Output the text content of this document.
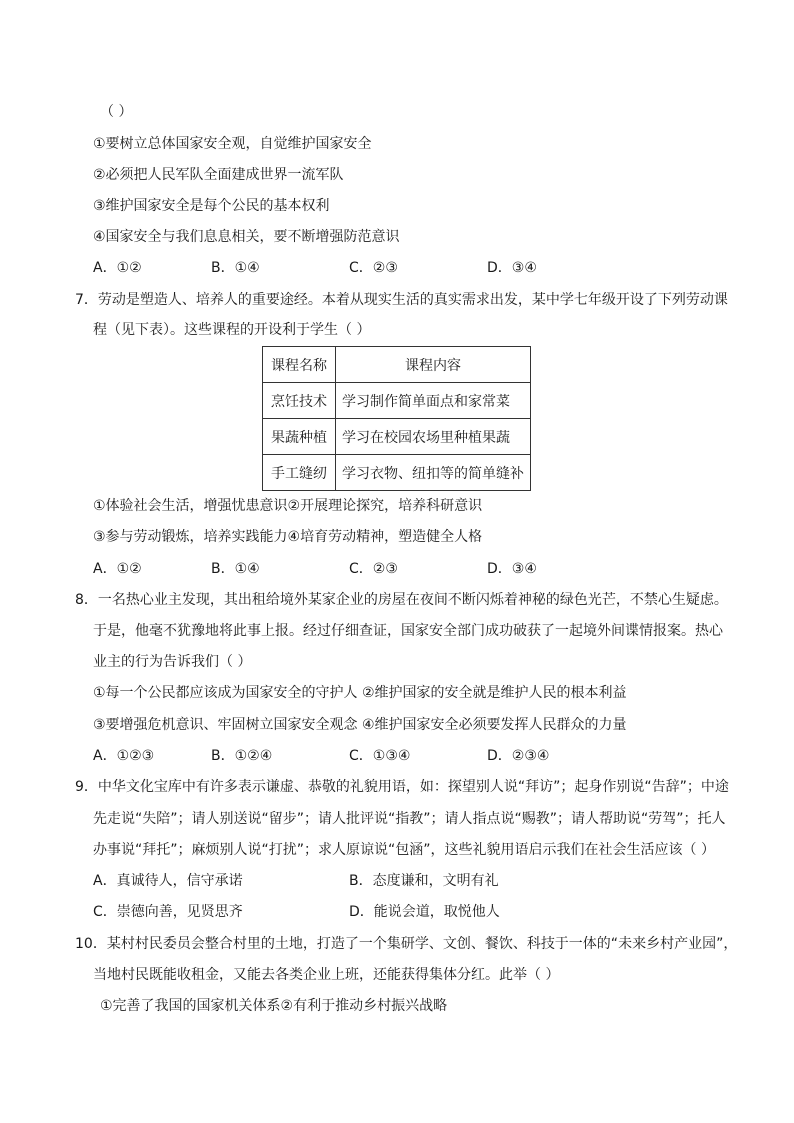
（ ）
①要树立总体国家安全观，自觉维护国家安全
②必须把人民军队全面建成世界一流军队
③维护国家安全是每个公民的基本权利
④国家安全与我们息息相关，要不断增强防范意识
A．①②	B．①④	C．②③	D．③④
7．劳动是塑造人、培养人的重要途经。本着从现实生活的真实需求出发，某中学七年级开设了下列劳动课
程（见下表）。这些课程的开设利于学生（ ）
课程名称	课程内容
烹饪技术	学习制作简单面点和家常菜
果蔬种植	学习在校园农场里种植果蔬
手工缝纫	学习衣物、纽扣等的简单缝补
①体验社会生活，增强忧患意识②开展理论探究，培养科研意识
③参与劳动锻炼，培养实践能力④培育劳动精神，塑造健全人格
A．①②	B．①④	C．②③	D．③④
8．一名热心业主发现，其出租给境外某家企业的房屋在夜间不断闪烁着神秘的绿色光芒，不禁心生疑虑。
于是，他毫不犹豫地将此事上报。经过仔细查证，国家安全部门成功破获了一起境外间谍情报案。热心
业主的行为告诉我们（ ）
①每一个公民都应该成为国家安全的守护人 ②维护国家的安全就是维护人民的根本利益
③要增强危机意识、牢固树立国家安全观念 ④维护国家安全必须要发挥人民群众的力量
A．①②③	B．①②④	C．①③④	D．②③④
9．中华文化宝库中有许多表示谦虚、恭敬的礼貌用语，如：探望别人说“拜访”；起身作别说“告辞”；中途
先走说“失陪”；请人别送说“留步”；请人批评说“指教”；请人指点说“赐教”；请人帮助说“劳驾”；托人
办事说“拜托”；麻烦别人说“打扰”；求人原谅说“包涵”，这些礼貌用语启示我们在社会生活应该（ ）
A．真诚待人，信守承诺	B．态度谦和，文明有礼
C．崇德向善，见贤思齐	D．能说会道，取悦他人
10．某村村民委员会整合村里的土地，打造了一个集研学、文创、餐饮、科技于一体的“未来乡村产业园”，
当地村民既能收租金，又能去各类企业上班，还能获得集体分红。此举（ ）
①完善了我国的国家机关体系②有利于推动乡村振兴战略
